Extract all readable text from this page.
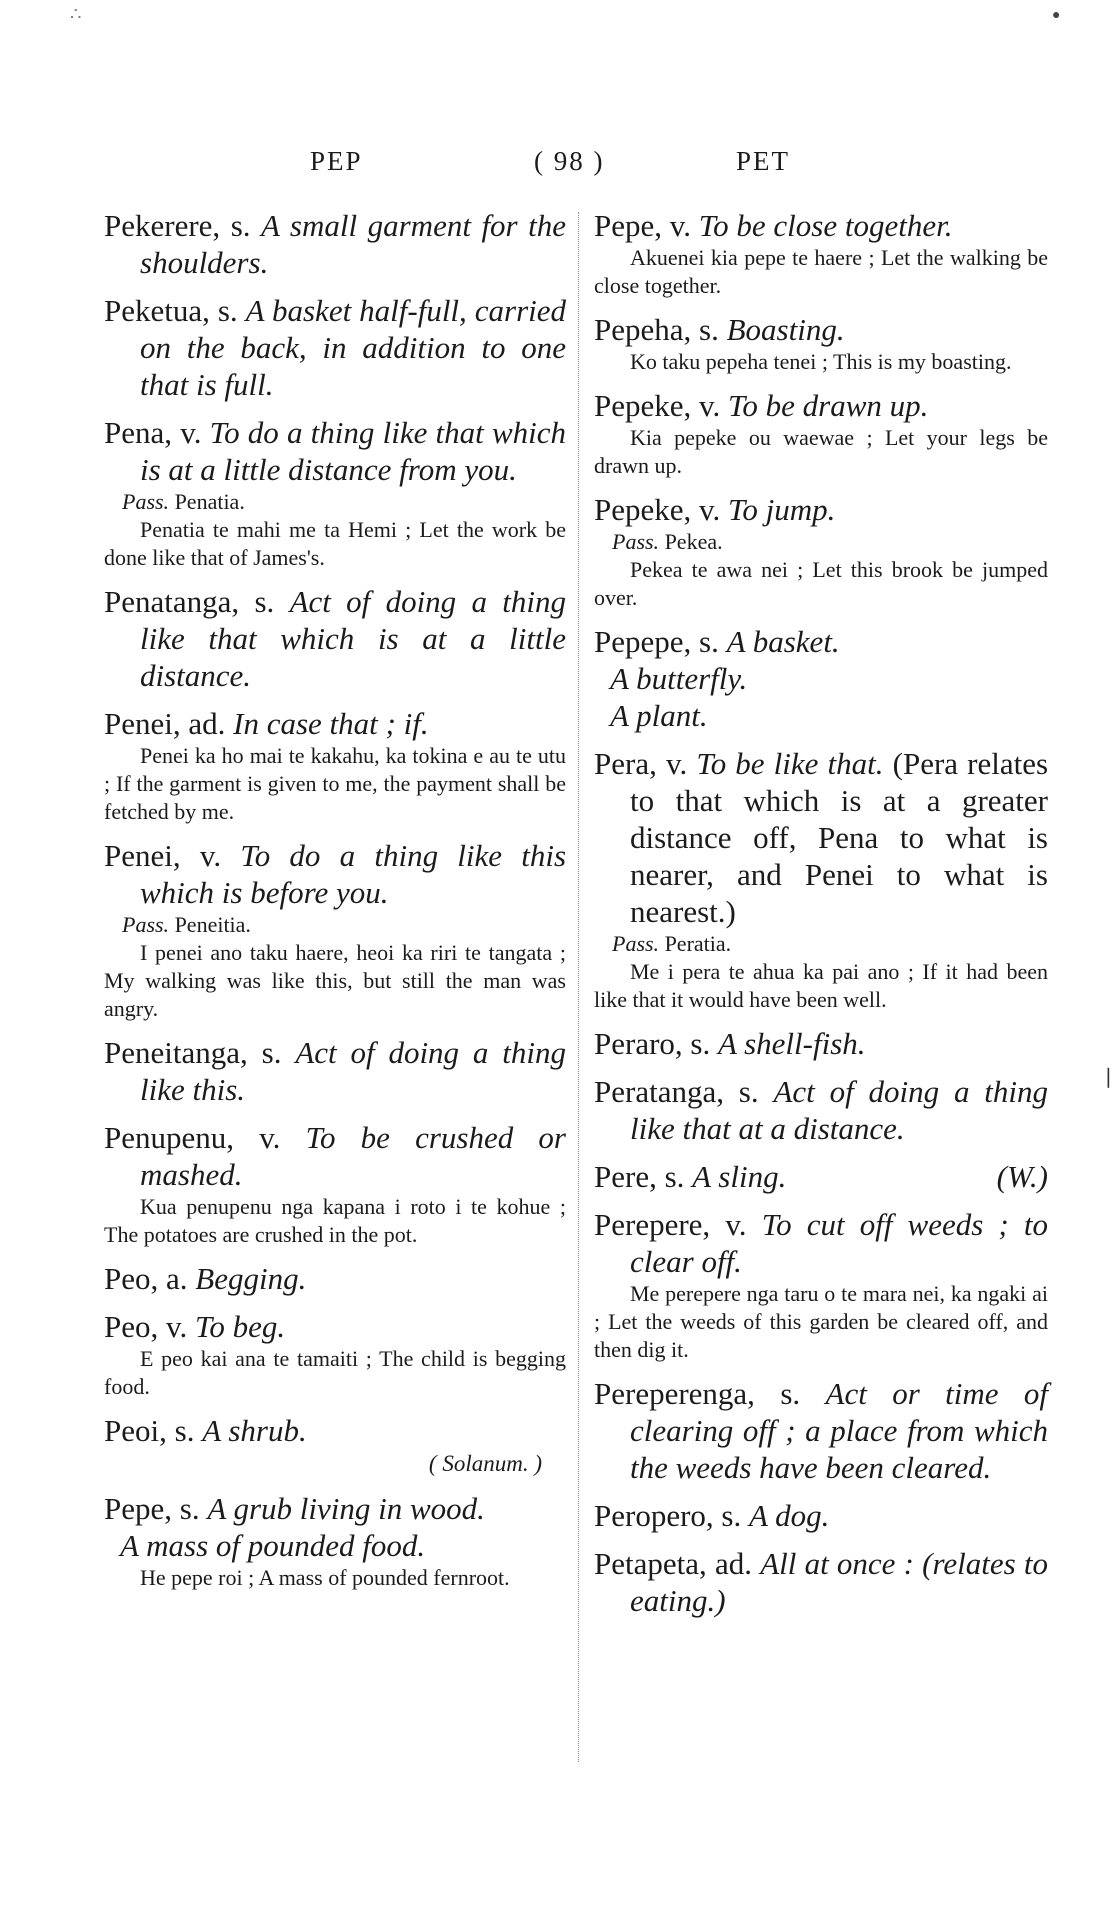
∴	●
❘
PEP	( 98 )	PET
Pekerere, s. A small garment for the shoulders.
Peketua, s. A basket half-full, carried on the back, in addition to one that is full.
Pena, v. To do a thing like that which is at a little distance from you.
Pass. Penatia.
Penatia te mahi me ta Hemi ; Let the work be done like that of James's.
Penatanga, s. Act of doing a thing like that which is at a little distance.
Penei, ad. In case that ; if.
Penei ka ho mai te kakahu, ka tokina e au te utu ; If the garment is given to me, the payment shall be fetched by me.
Penei, v. To do a thing like this which is before you.
Pass. Peneitia.
I penei ano taku haere, heoi ka riri te tangata ; My walking was like this, but still the man was angry.
Peneitanga, s. Act of doing a thing like this.
Penupenu, v. To be crushed or mashed.
Kua penupenu nga kapana i roto i te kohue ; The potatoes are crushed in the pot.
Peo, a. Begging.
Peo, v. To beg.
E peo kai ana te tamaiti ; The child is begging food.
Peoi, s. A shrub.
( Solanum. )
Pepe, s. A grub living in wood.
A mass of pounded food.
He pepe roi ; A mass of pounded fernroot.
Pepe, v. To be close together.
Akuenei kia pepe te haere ; Let the walking be close together.
Pepeha, s. Boasting.
Ko taku pepeha tenei ; This is my boasting.
Pepeke, v. To be drawn up.
Kia pepeke ou waewae ; Let your legs be drawn up.
Pepeke, v. To jump.
Pass. Pekea.
Pekea te awa nei ; Let this brook be jumped over.
Pepepe, s. A basket.
A butterfly.
A plant.
Pera, v. To be like that. (Pera relates to that which is at a greater distance off, Pena to what is nearer, and Penei to what is nearest.)
Pass. Peratia.
Me i pera te ahua ka pai ano ; If it had been like that it would have been well.
Peraro, s. A shell-fish.
Peratanga, s. Act of doing a thing like that at a distance.
Pere, s. A sling.	(W.)
Perepere, v. To cut off weeds ; to clear off.
Me perepere nga taru o te mara nei, ka ngaki ai ; Let the weeds of this garden be cleared off, and then dig it.
Pereperenga, s. Act or time of clearing off ; a place from which the weeds have been cleared.
Peropero, s. A dog.
Petapeta, ad. All at once : (relates to eating.)
